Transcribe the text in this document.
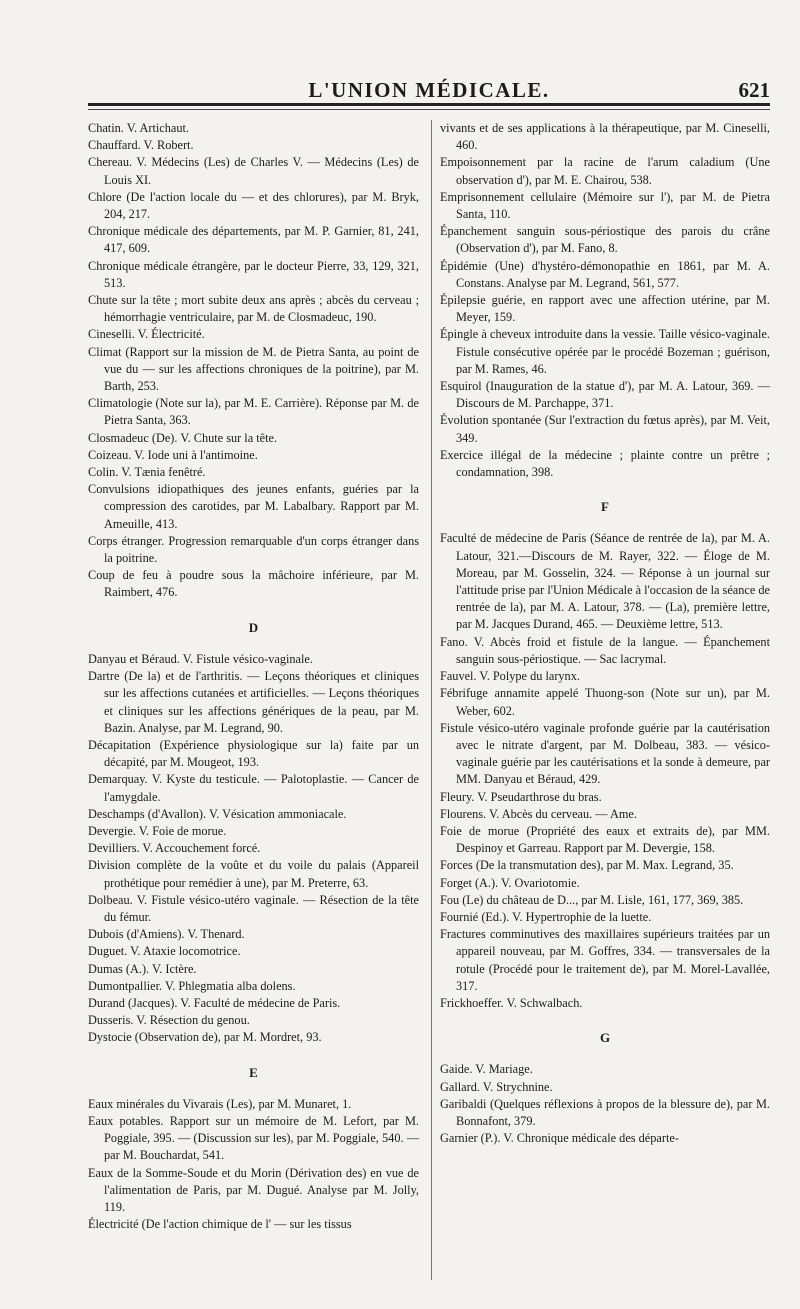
L'UNION MÉDICALE.	621
Chatin. V. Artichaut.
Chauffard. V. Robert.
Chereau. V. Médecins (Les) de Charles V. — Médecins (Les) de Louis XI.
Chlore (De l'action locale du — et des chlorures), par M. Bryk, 204, 217.
Chronique médicale des départements, par M. P. Garnier, 81, 241, 417, 609.
Chronique médicale étrangère, par le docteur Pierre, 33, 129, 321, 513.
Chute sur la tête ; mort subite deux ans après ; abcès du cerveau ; hémorrhagie ventriculaire, par M. de Closmadeuc, 190.
Cineselli. V. Électricité.
Climat (Rapport sur la mission de M. de Pietra Santa, au point de vue du — sur les affections chroniques de la poitrine), par M. Barth, 253.
Climatologie (Note sur la), par M. E. Carrière). Réponse par M. de Pietra Santa, 363.
Closmadeuc (De). V. Chute sur la tête.
Coizeau. V. Iode uni à l'antimoine.
Colin. V. Tænia fenêtré.
Convulsions idiopathiques des jeunes enfants, guéries par la compression des carotides, par M. Labalbary. Rapport par M. Ameuille, 413.
Corps étranger. Progression remarquable d'un corps étranger dans la poitrine.
Coup de feu à poudre sous la mâchoire inférieure, par M. Raimbert, 476.
D
Danyau et Béraud. V. Fistule vésico-vaginale.
Dartre (De la) et de l'arthritis. — Leçons théoriques et cliniques sur les affections cutanées et artificielles. — Leçons théoriques et cliniques sur les affections génériques de la peau, par M. Bazin. Analyse, par M. Legrand, 90.
Décapitation (Expérience physiologique sur la) faite par un décapité, par M. Mougeot, 193.
Demarquay. V. Kyste du testicule. — Palotoplastie. — Cancer de l'amygdale.
Deschamps (d'Avallon). V. Vésication ammoniacale.
Devergie. V. Foie de morue.
Devilliers. V. Accouchement forcé.
Division complète de la voûte et du voile du palais (Appareil prothétique pour remédier à une), par M. Preterre, 63.
Dolbeau. V. Fistule vésico-utéro vaginale. — Résection de la tête du fémur.
Dubois (d'Amiens). V. Thenard.
Duguet. V. Ataxie locomotrice.
Dumas (A.). V. Ictère.
Dumontpallier. V. Phlegmatia alba dolens.
Durand (Jacques). V. Faculté de médecine de Paris.
Dusseris. V. Résection du genou.
Dystocie (Observation de), par M. Mordret, 93.
E
Eaux minérales du Vivarais (Les), par M. Munaret, 1.
Eaux potables. Rapport sur un mémoire de M. Lefort, par M. Poggiale, 395. — (Discussion sur les), par M. Poggiale, 540. — par M. Bouchardat, 541.
Eaux de la Somme-Soude et du Morin (Dérivation des) en vue de l'alimentation de Paris, par M. Dugué. Analyse par M. Jolly, 119.
Électricité (De l'action chimique de l' — sur les tissus
vivants et de ses applications à la thérapeutique, par M. Cineselli, 460.
Empoisonnement par la racine de l'arum caladium (Une observation d'), par M. E. Chairou, 538.
Emprisonnement cellulaire (Mémoire sur l'), par M. de Pietra Santa, 110.
Épanchement sanguin sous-périostique des parois du crâne (Observation d'), par M. Fano, 8.
Épidémie (Une) d'hystéro-démonopathie en 1861, par M. A. Constans. Analyse par M. Legrand, 561, 577.
Épilepsie guérie, en rapport avec une affection utérine, par M. Meyer, 159.
Épingle à cheveux introduite dans la vessie. Taille vésico-vaginale. Fistule consécutive opérée par le procédé Bozeman ; guérison, par M. Rames, 46.
Esquirol (Inauguration de la statue d'), par M. A. Latour, 369. — Discours de M. Parchappe, 371.
Évolution spontanée (Sur l'extraction du fœtus après), par M. Veit, 349.
Exercice illégal de la médecine ; plainte contre un prêtre ; condamnation, 398.
F
Faculté de médecine de Paris (Séance de rentrée de la), par M. A. Latour, 321.—Discours de M. Rayer, 322. — Éloge de M. Moreau, par M. Gosselin, 324. — Réponse à un journal sur l'attitude prise par l'Union Médicale à l'occasion de la séance de rentrée de la), par M. A. Latour, 378. — (La), première lettre, par M. Jacques Durand, 465. — Deuxième lettre, 513.
Fano. V. Abcès froid et fistule de la langue. — Épanchement sanguin sous-périostique. — Sac lacrymal.
Fauvel. V. Polype du larynx.
Fébrifuge annamite appelé Thuong-son (Note sur un), par M. Weber, 602.
Fistule vésico-utéro vaginale profonde guérie par la cautérisation avec le nitrate d'argent, par M. Dolbeau, 383. — vésico-vaginale guérie par les cautérisations et la sonde à demeure, par MM. Danyau et Béraud, 429.
Fleury. V. Pseudarthrose du bras.
Flourens. V. Abcès du cerveau. — Ame.
Foie de morue (Propriété des eaux et extraits de), par MM. Despinoy et Garreau. Rapport par M. Devergie, 158.
Forces (De la transmutation des), par M. Max. Legrand, 35.
Forget (A.). V. Ovariotomie.
Fou (Le) du château de D..., par M. Lisle, 161, 177, 369, 385.
Fournié (Ed.). V. Hypertrophie de la luette.
Fractures comminutives des maxillaires supérieurs traitées par un appareil nouveau, par M. Goffres, 334. — transversales de la rotule (Procédé pour le traitement de), par M. Morel-Lavallée, 317.
Frickhoeffer. V. Schwalbach.
G
Gaide. V. Mariage.
Gallard. V. Strychnine.
Garibaldi (Quelques réflexions à propos de la blessure de), par M. Bonnafont, 379.
Garnier (P.). V. Chronique médicale des départe-
